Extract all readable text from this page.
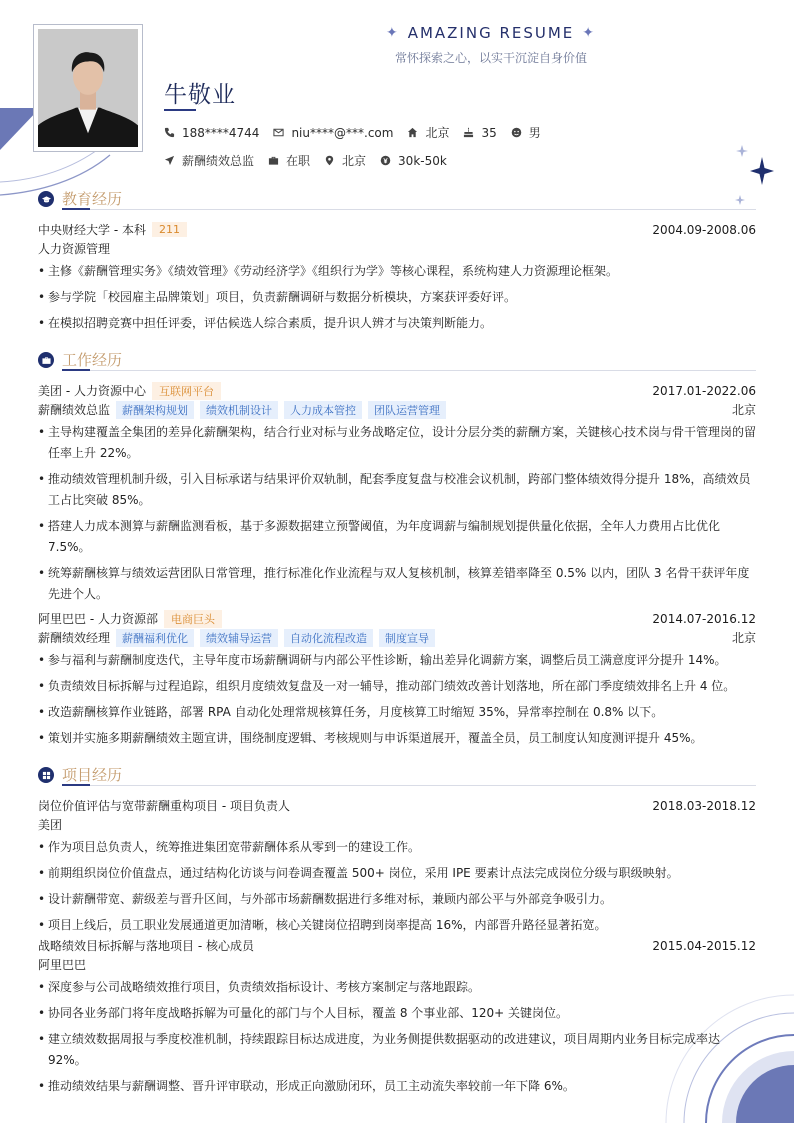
✦ AMAZING RESUME ✦
常怀探索之心，以实干沉淀自身价值
牛敬业
188****4744	niu****@***.com	北京	35	男
薪酬绩效总监	在职	北京	30k-50k
教育经历
中央财经大学 - 本科	211	2004.09-2008.06
人力资源管理
• 主修《薪酬管理实务》《绩效管理》《劳动经济学》《组织行为学》等核心课程，系统构建人力资源理论框架。
• 参与学院「校园雇主品牌策划」项目，负责薪酬调研与数据分析模块，方案获评委好评。
• 在模拟招聘竞赛中担任评委，评估候选人综合素质，提升识人辨才与决策判断能力。
工作经历
美团 - 人力资源中心	互联网平台	2017.01-2022.06
薪酬绩效总监	薪酬架构规划	绩效机制设计	人力成本管控	团队运营管理	北京
• 主导构建覆盖全集团的差异化薪酬架构，结合行业对标与业务战略定位，设计分层分类的薪酬方案，关键核心技术岗与骨干管理岗的留任率上升 22%。
• 推动绩效管理机制升级，引入目标承诺与结果评价双轨制，配套季度复盘与校准会议机制，跨部门整体绩效得分提升 18%，高绩效员工占比突破 85%。
• 搭建人力成本测算与薪酬监测看板，基于多源数据建立预警阈值，为年度调薪与编制规划提供量化依据，全年人力费用占比优化 7.5%。
• 统筹薪酬核算与绩效运营团队日常管理，推行标准化作业流程与双人复核机制，核算差错率降至 0.5% 以内，团队 3 名骨干获评年度先进个人。
阿里巴巴 - 人力资源部	电商巨头	2014.07-2016.12
薪酬绩效经理	薪酬福利优化	绩效辅导运营	自动化流程改造	制度宣导	北京
• 参与福利与薪酬制度迭代，主导年度市场薪酬调研与内部公平性诊断，输出差异化调薪方案，调整后员工满意度评分提升 14%。
• 负责绩效目标拆解与过程追踪，组织月度绩效复盘及一对一辅导，推动部门绩效改善计划落地，所在部门季度绩效排名上升 4 位。
• 改造薪酬核算作业链路，部署 RPA 自动化处理常规核算任务，月度核算工时缩短 35%，异常率控制在 0.8% 以下。
• 策划并实施多期薪酬绩效主题宣讲，围绕制度逻辑、考核规则与申诉渠道展开，覆盖全员，员工制度认知度测评提升 45%。
项目经历
岗位价值评估与宽带薪酬重构项目 - 项目负责人	2018.03-2018.12
美团
• 作为项目总负责人，统筹推进集团宽带薪酬体系从零到一的建设工作。
• 前期组织岗位价值盘点，通过结构化访谈与问卷调查覆盖 500+ 岗位，采用 IPE 要素计点法完成岗位分级与职级映射。
• 设计薪酬带宽、薪级差与晋升区间，与外部市场薪酬数据进行多维对标，兼顾内部公平与外部竞争吸引力。
• 项目上线后，员工职业发展通道更加清晰，核心关键岗位招聘到岗率提高 16%，内部晋升路径显著拓宽。
战略绩效目标拆解与落地项目 - 核心成员	2015.04-2015.12
阿里巴巴
• 深度参与公司战略绩效推行项目，负责绩效指标设计、考核方案制定与落地跟踪。
• 协同各业务部门将年度战略拆解为可量化的部门与个人目标，覆盖 8 个事业部、120+ 关键岗位。
• 建立绩效数据周报与季度校准机制，持续跟踪目标达成进度，为业务侧提供数据驱动的改进建议，项目周期内业务目标完成率达 92%。
• 推动绩效结果与薪酬调整、晋升评审联动，形成正向激励闭环，员工主动流失率较前一年下降 6%。
